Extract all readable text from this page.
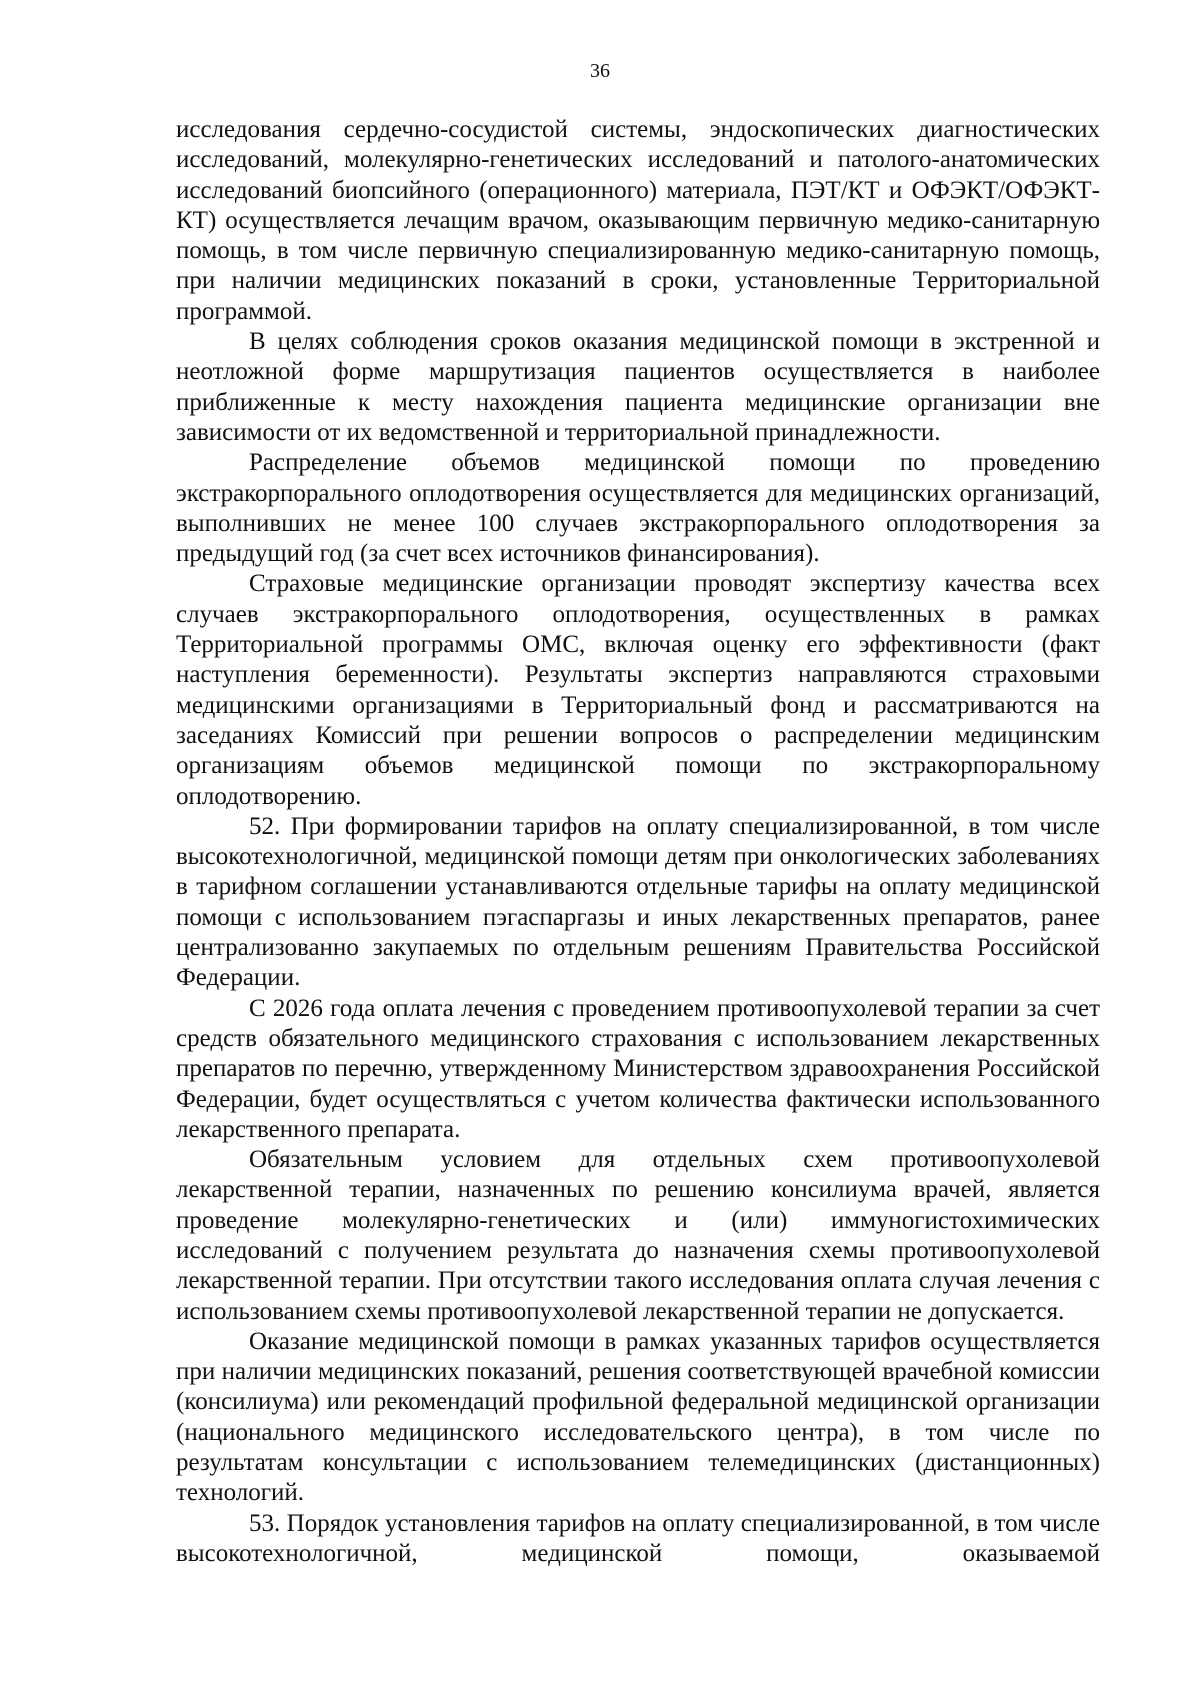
36

исследования сердечно-сосудистой системы, эндоскопических диагностических исследований, молекулярно-генетических исследований и патолого-анатомических исследований биопсийного (операционного) материала, ПЭТ/КТ и ОФЭКТ/ОФЭКТ-КТ) осуществляется лечащим врачом, оказывающим первичную медико-санитарную помощь, в том числе первичную специализированную медико-санитарную помощь, при наличии медицинских показаний в сроки, установленные Территориальной программой.

В целях соблюдения сроков оказания медицинской помощи в экстренной и неотложной форме маршрутизация пациентов осуществляется в наиболее приближенные к месту нахождения пациента медицинские организации вне зависимости от их ведомственной и территориальной принадлежности.

Распределение объемов медицинской помощи по проведению экстракорпорального оплодотворения осуществляется для медицинских организаций, выполнивших не менее 100 случаев экстракорпорального оплодотворения за предыдущий год (за счет всех источников финансирования).

Страховые медицинские организации проводят экспертизу качества всех случаев экстракорпорального оплодотворения, осуществленных в рамках Территориальной программы ОМС, включая оценку его эффективности (факт наступления беременности). Результаты экспертиз направляются страховыми медицинскими организациями в Территориальный фонд и рассматриваются на заседаниях Комиссий при решении вопросов о распределении медицинским организациям объемов медицинской помощи по экстракорпоральному оплодотворению.

52. При формировании тарифов на оплату специализированной, в том числе высокотехнологичной, медицинской помощи детям при онкологических заболеваниях в тарифном соглашении устанавливаются отдельные тарифы на оплату медицинской помощи с использованием пэгаспаргазы и иных лекарственных препаратов, ранее централизованно закупаемых по отдельным решениям Правительства Российской Федерации.

С 2026 года оплата лечения с проведением противоопухолевой терапии за счет средств обязательного медицинского страхования с использованием лекарственных препаратов по перечню, утвержденному Министерством здравоохранения Российской Федерации, будет осуществляться с учетом количества фактически использованного лекарственного препарата.

Обязательным условием для отдельных схем противоопухолевой лекарственной терапии, назначенных по решению консилиума врачей, является проведение молекулярно-генетических и (или) иммуногистохимических исследований с получением результата до назначения схемы противоопухолевой лекарственной терапии. При отсутствии такого исследования оплата случая лечения с использованием схемы противоопухолевой лекарственной терапии не допускается.

Оказание медицинской помощи в рамках указанных тарифов осуществляется при наличии медицинских показаний, решения соответствующей врачебной комиссии (консилиума) или рекомендаций профильной федеральной медицинской организации (национального медицинского исследовательского центра), в том числе по результатам консультации с использованием телемедицинских (дистанционных) технологий.

53. Порядок установления тарифов на оплату специализированной, в том числе высокотехнологичной, медицинской помощи, оказываемой
